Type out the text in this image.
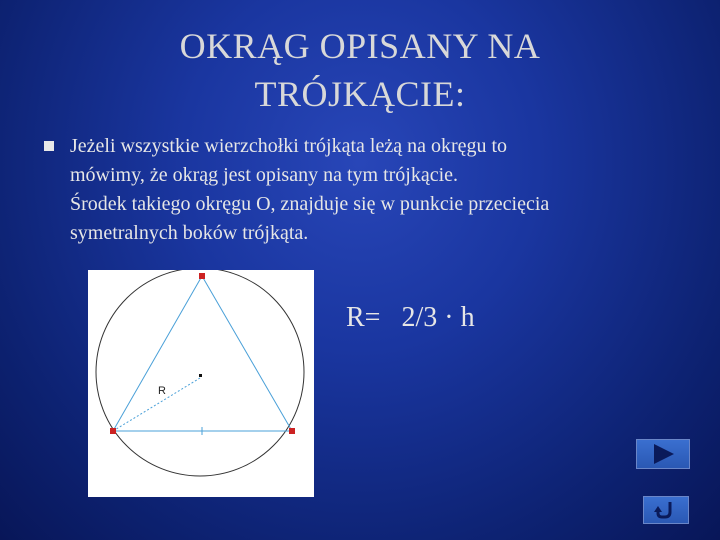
OKRĄG OPISANY NA
TRÓJKĄCIE:
Jeżeli wszystkie wierzchołki trójkąta leżą na okręgu to
mówimy, że okrąg jest opisany na tym trójkącie.
Środek takiego okręgu O, znajduje się w punkcie przecięcia
symetralnych boków trójkąta.
R
R=   2/3 · h
